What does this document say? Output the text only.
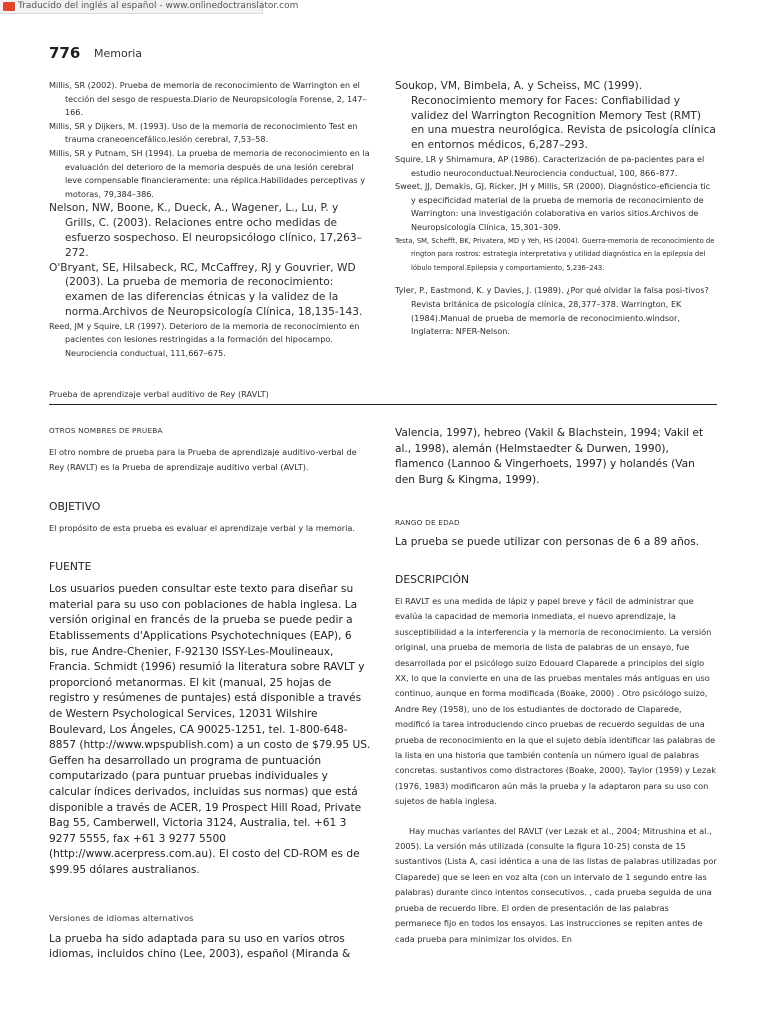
Traducido del inglés al español - www.onlinedoctranslator.com
776 Memoria

Millis, SR (2002). Prueba de memoria de reconocimiento de Warrington en el tección del sesgo de respuesta.Diario de Neuropsicología Forense, 2, 147–166.

Millis, SR y Dijkers, M. (1993). Uso de la memoria de reconocimiento Test en trauma craneoencefálico.lesión cerebral, 7,53–58.

Millis, SR y Putnam, SH (1994). La prueba de memoria de reconocimiento en la evaluación del deterioro de la memoria después de una lesión cerebral leve compensable financieramente: una réplica.Habilidades perceptivas y motoras, 79,384–386.

Nelson, NW, Boone, K., Dueck, A., Wagener, L., Lu, P. y Grills, C. (2003). Relaciones entre ocho medidas de esfuerzo sospechoso. El neuropsicólogo clínico, 17,263–272.

O'Bryant, SE, Hilsabeck, RC, McCaffrey, RJ y Gouvrier, WD (2003). La prueba de memoria de reconocimiento: examen de las diferencias étnicas y la validez de la norma.Archivos de Neuropsicología Clínica, 18,135-143.

Reed, JM y Squire, LR (1997). Deterioro de la memoria de reconocimiento en pacientes con lesiones restringidas a la formación del hipocampo. Neurociencia conductual, 111,667–675.

Soukop, VM, Bimbela, A. y Scheiss, MC (1999). Reconocimiento memory for Faces: Confiabilidad y validez del Warrington Recognition Memory Test (RMT) en una muestra neurológica. Revista de psicología clínica en entornos médicos, 6,287–293.

Squire, LR y Shimamura, AP (1986). Caracterización de pa-pacientes para el estudio neuroconductual.Neurociencia conductual, 100, 866–877.

Sweet, JJ, Demakis, GJ, Ricker, JH y Millis, SR (2000). Diagnóstico-eficiencia tic y especificidad material de la prueba de memoria de reconocimiento de Warrington: una investigación colaborativa en varios sitios.Archivos de Neuropsicología Clínica, 15,301–309.

Testa, SM, Schefft, BK, Privatera, MD y Yeh, HS (2004). Guerra-memoria de reconocimiento de rington para rostros: estrategia interpretativa y utilidad diagnóstica en la epilepsia del lóbulo temporal.Epilepsia y comportamiento, 5,236–243.

Tyler, P., Eastmond, K. y Davies, J. (1989). ¿Por qué olvidar la falsa posi-tivos?Revista británica de psicología clínica, 28,377–378. Warrington, EK (1984).Manual de prueba de memoria de reconocimiento.windsor, Inglaterra: NFER-Nelson.

Prueba de aprendizaje verbal auditivo de Rey (RAVLT)
OTROS NOMBRES DE PRUEBA
El otro nombre de prueba para la Prueba de aprendizaje auditivo-verbal de Rey (RAVLT) es la Prueba de aprendizaje auditivo verbal (AVLT).
OBJETIVO
El propósito de esta prueba es evaluar el aprendizaje verbal y la memoria.
FUENTE
Los usuarios pueden consultar este texto para diseñar su material para su uso con poblaciones de habla inglesa. La versión original en francés de la prueba se puede pedir a Etablissements d'Applications Psychotechniques (EAP), 6 bis, rue Andre-Chenier, F-92130 ISSY-Les-Moulineaux, Francia. Schmidt (1996) resumió la literatura sobre RAVLT y proporcionó metanormas. El kit (manual, 25 hojas de registro y resúmenes de puntajes) está disponible a través de Western Psychological Services, 12031 Wilshire Boulevard, Los Ángeles, CA 90025-1251, tel. 1-800-648-8857 (http://www.wpspublish.com) a un costo de $79.95 US. Geffen ha desarrollado un programa de puntuación computarizado (para puntuar pruebas individuales y calcular índices derivados, incluidas sus normas) que está disponible a través de ACER, 19 Prospect Hill Road, Private Bag 55, Camberwell, Victoria 3124, Australia, tel. +61 3 9277 5555, fax +61 3 9277 5500 (http://www.acerpress.com.au). El costo del CD-ROM es de $99.95 dólares australianos.
Versiones de idiomas alternativos
La prueba ha sido adaptada para su uso en varios otros idiomas, incluidos chino (Lee, 2003), español (Miranda &
Valencia, 1997), hebreo (Vakil & Blachstein, 1994; Vakil et al., 1998), alemán (Helmstaedter & Durwen, 1990), flamenco (Lannoo & Vingerhoets, 1997) y holandés (Van den Burg & Kingma, 1999).
RANGO DE EDAD
La prueba se puede utilizar con personas de 6 a 89 años.
DESCRIPCIÓN
El RAVLT es una medida de lápiz y papel breve y fácil de administrar que evalúa la capacidad de memoria inmediata, el nuevo aprendizaje, la susceptibilidad a la interferencia y la memoria de reconocimiento. La versión original, una prueba de memoria de lista de palabras de un ensayo, fue desarrollada por el psicólogo suizo Edouard Claparede a principios del siglo XX, lo que la convierte en una de las pruebas mentales más antiguas en uso continuo, aunque en forma modificada (Boake, 2000) . Otro psicólogo suizo, Andre Rey (1958), uno de los estudiantes de doctorado de Claparede, modificó la tarea introduciendo cinco pruebas de recuerdo seguidas de una prueba de reconocimiento en la que el sujeto debía identificar las palabras de la lista en una historia que también contenía un número igual de palabras concretas. sustantivos como distractores (Boake, 2000). Taylor (1959) y Lezak (1976, 1983) modificaron aún más la prueba y la adaptaron para su uso con sujetos de habla inglesa.
Hay muchas variantes del RAVLT (ver Lezak et al., 2004; Mitrushina et al., 2005). La versión más utilizada (consulte la figura 10-25) consta de 15 sustantivos (Lista A, casi idéntica a una de las listas de palabras utilizadas por Claparede) que se leen en voz alta (con un intervalo de 1 segundo entre las palabras) durante cinco intentos consecutivos. , cada prueba seguida de una prueba de recuerdo libre. El orden de presentación de las palabras permanece fijo en todos los ensayos. Las instrucciones se repiten antes de cada prueba para minimizar los olvidos. En
